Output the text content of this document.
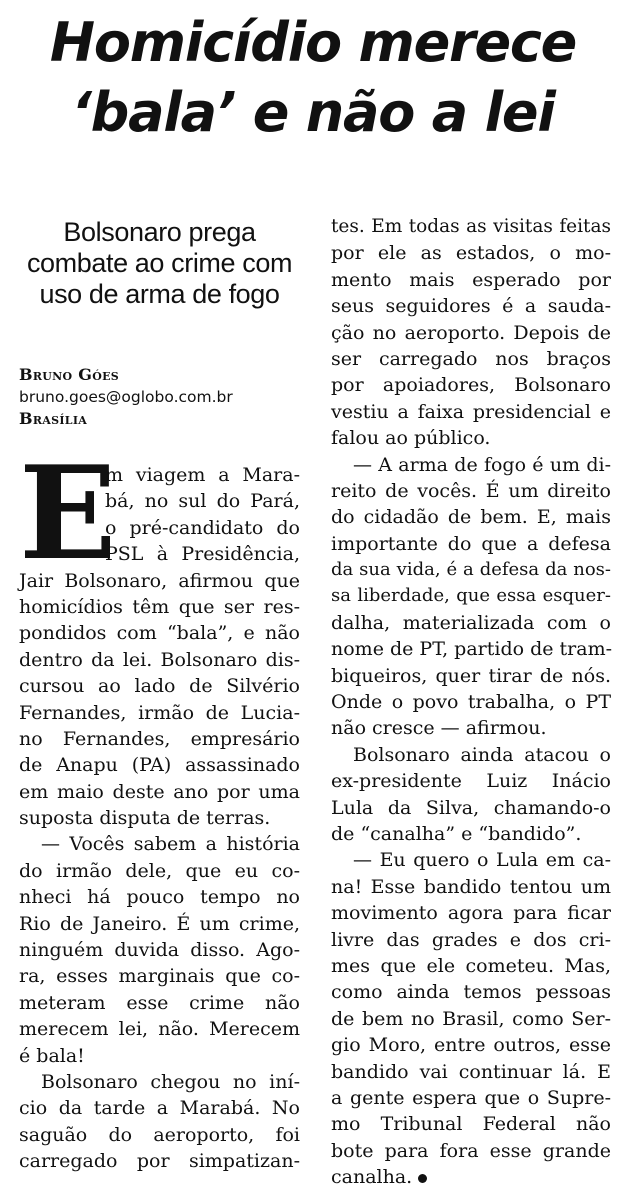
Homicídio merece
‘bala’ e não a lei
Bolsonaro prega
combate ao crime com
uso de arma de fogo
Bruno Góes
bruno.goes@oglobo.com.br
Brasília
E
m viagem a Mara-
bá, no sul do Pará,
o pré-candidato do
PSL à Presidência,
Jair Bolsonaro, afirmou que
homicídios têm que ser res-
pondidos com “bala”, e não
dentro da lei. Bolsonaro dis-
cursou ao lado de Silvério
Fernandes, irmão de Lucia-
no Fernandes, empresário
de Anapu (PA) assassinado
em maio deste ano por uma
suposta disputa de terras.
— Vocês sabem a história
do irmão dele, que eu co-
nheci há pouco tempo no
Rio de Janeiro. É um crime,
ninguém duvida disso. Ago-
ra, esses marginais que co-
meteram esse crime não
merecem lei, não. Merecem
é bala!
Bolsonaro chegou no iní-
cio da tarde a Marabá. No
saguão do aeroporto, foi
carregado por simpatizan-
tes. Em todas as visitas feitas
por ele as estados, o mo-
mento mais esperado por
seus seguidores é a sauda-
ção no aeroporto. Depois de
ser carregado nos braços
por apoiadores, Bolsonaro
vestiu a faixa presidencial e
falou ao público.
— A arma de fogo é um di-
reito de vocês. É um direito
do cidadão de bem. E, mais
importante do que a defesa
da sua vida, é a defesa da nos-
sa liberdade, que essa esquer-
dalha, materializada com o
nome de PT, partido de tram-
biqueiros, quer tirar de nós.
Onde o povo trabalha, o PT
não cresce — afirmou.
Bolsonaro ainda atacou o
ex-presidente Luiz Inácio
Lula da Silva, chamando-o
de “canalha” e “bandido”.
— Eu quero o Lula em ca-
na! Esse bandido tentou um
movimento agora para ficar
livre das grades e dos cri-
mes que ele cometeu. Mas,
como ainda temos pessoas
de bem no Brasil, como Ser-
gio Moro, entre outros, esse
bandido vai continuar lá. E
a gente espera que o Supre-
mo Tribunal Federal não
bote para fora esse grande
canalha.
